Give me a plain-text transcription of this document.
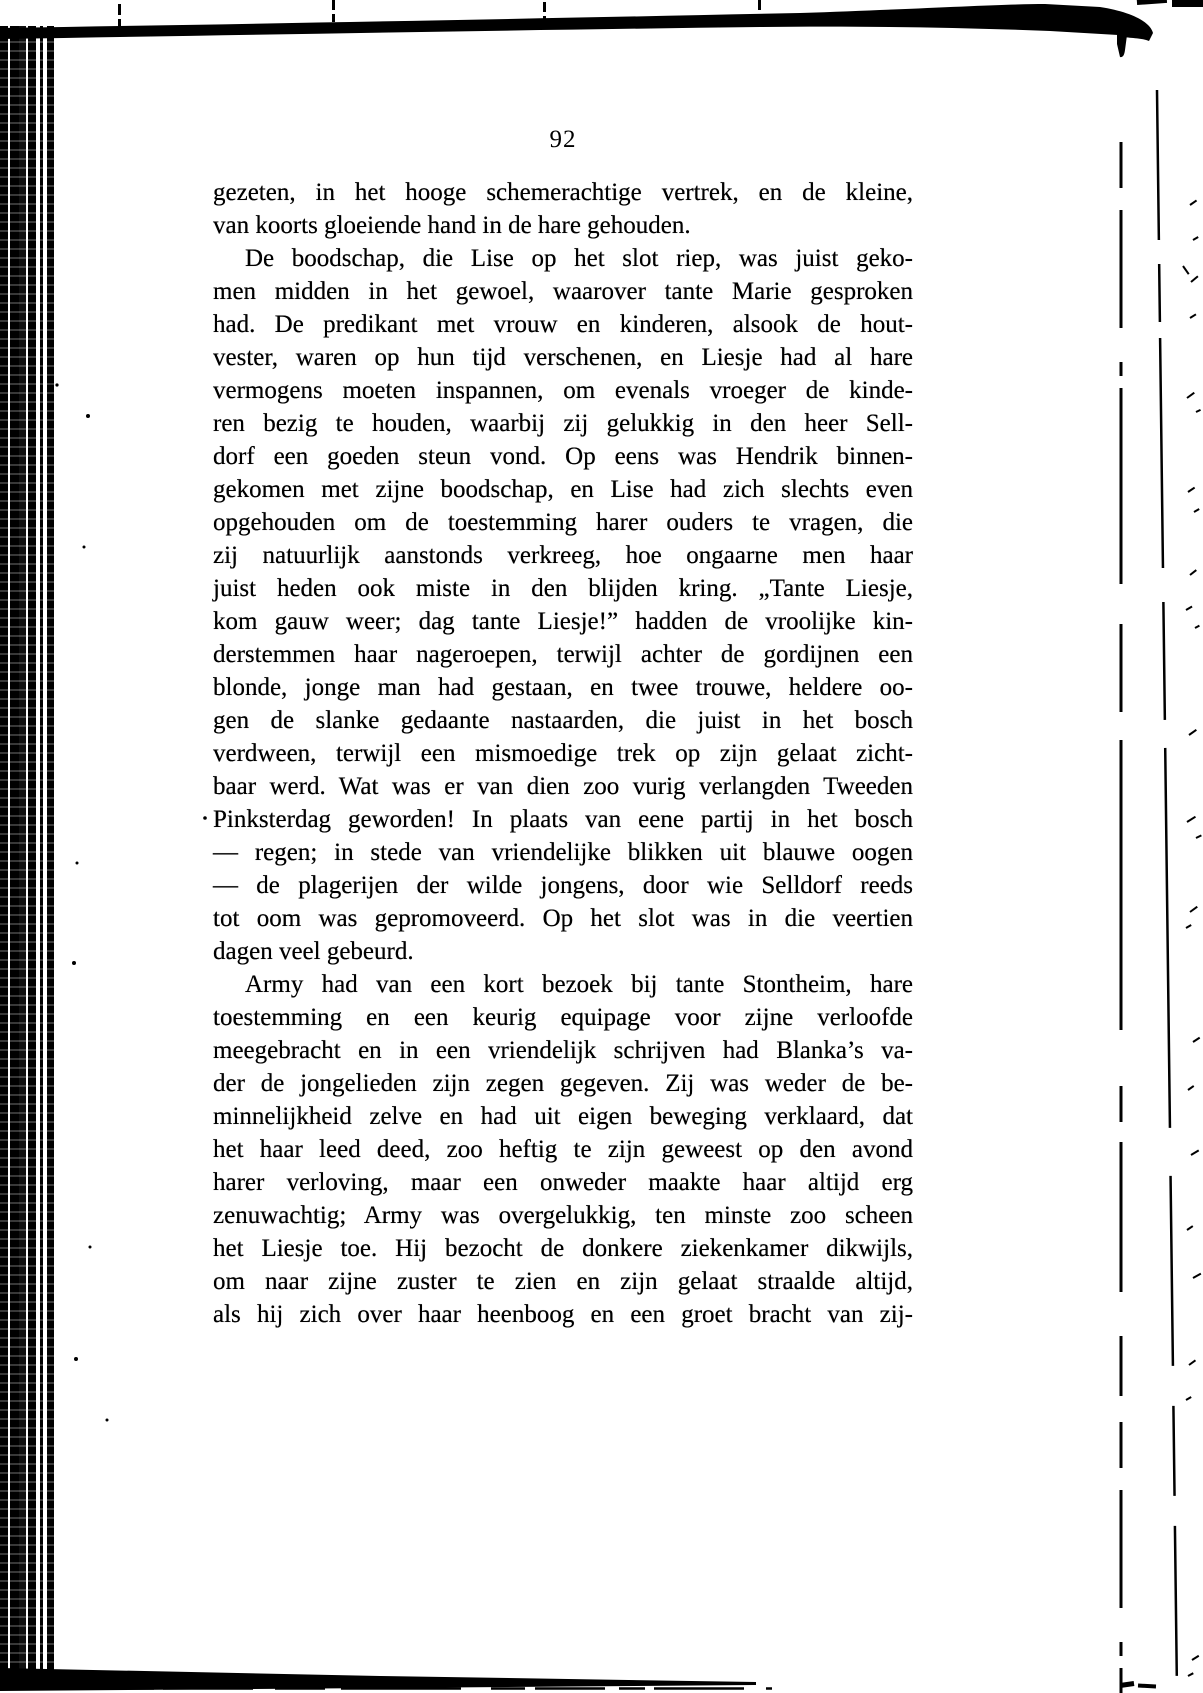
92
gezeten, in het hooge schemerachtige vertrek, en de kleine,
van koorts gloeiende hand in de hare gehouden.
De boodschap, die Lise op het slot riep, was juist geko-
men midden in het gewoel, waarover tante Marie gesproken
had. De predikant met vrouw en kinderen, alsook de hout-
vester, waren op hun tijd verschenen, en Liesje had al hare
vermogens moeten inspannen, om evenals vroeger de kinde-
ren bezig te houden, waarbij zij gelukkig in den heer Sell-
dorf een goeden steun vond. Op eens was Hendrik binnen-
gekomen met zijne boodschap, en Lise had zich slechts even
opgehouden om de toestemming harer ouders te vragen, die
zij natuurlijk aanstonds verkreeg, hoe ongaarne men haar
juist heden ook miste in den blijden kring. „Tante Liesje,
kom gauw weer; dag tante Liesje!” hadden de vroolijke kin-
derstemmen haar nageroepen, terwijl achter de gordijnen een
blonde, jonge man had gestaan, en twee trouwe, heldere oo-
gen de slanke gedaante nastaarden, die juist in het bosch
verdween, terwijl een mismoedige trek op zijn gelaat zicht-
baar werd. Wat was er van dien zoo vurig verlangden Tweeden
Pinksterdag geworden! In plaats van eene partij in het bosch
— regen; in stede van vriendelijke blikken uit blauwe oogen
— de plagerijen der wilde jongens, door wie Selldorf reeds
tot oom was gepromoveerd. Op het slot was in die veertien
dagen veel gebeurd.
Army had van een kort bezoek bij tante Stontheim, hare
toestemming en een keurig equipage voor zijne verloofde
meegebracht en in een vriendelijk schrijven had Blanka’s va-
der de jongelieden zijn zegen gegeven. Zij was weder de be-
minnelijkheid zelve en had uit eigen beweging verklaard, dat
het haar leed deed, zoo heftig te zijn geweest op den avond
harer verloving, maar een onweder maakte haar altijd erg
zenuwachtig; Army was overgelukkig, ten minste zoo scheen
het Liesje toe. Hij bezocht de donkere ziekenkamer dikwijls,
om naar zijne zuster te zien en zijn gelaat straalde altijd,
als hij zich over haar heenboog en een groet bracht van zij-
